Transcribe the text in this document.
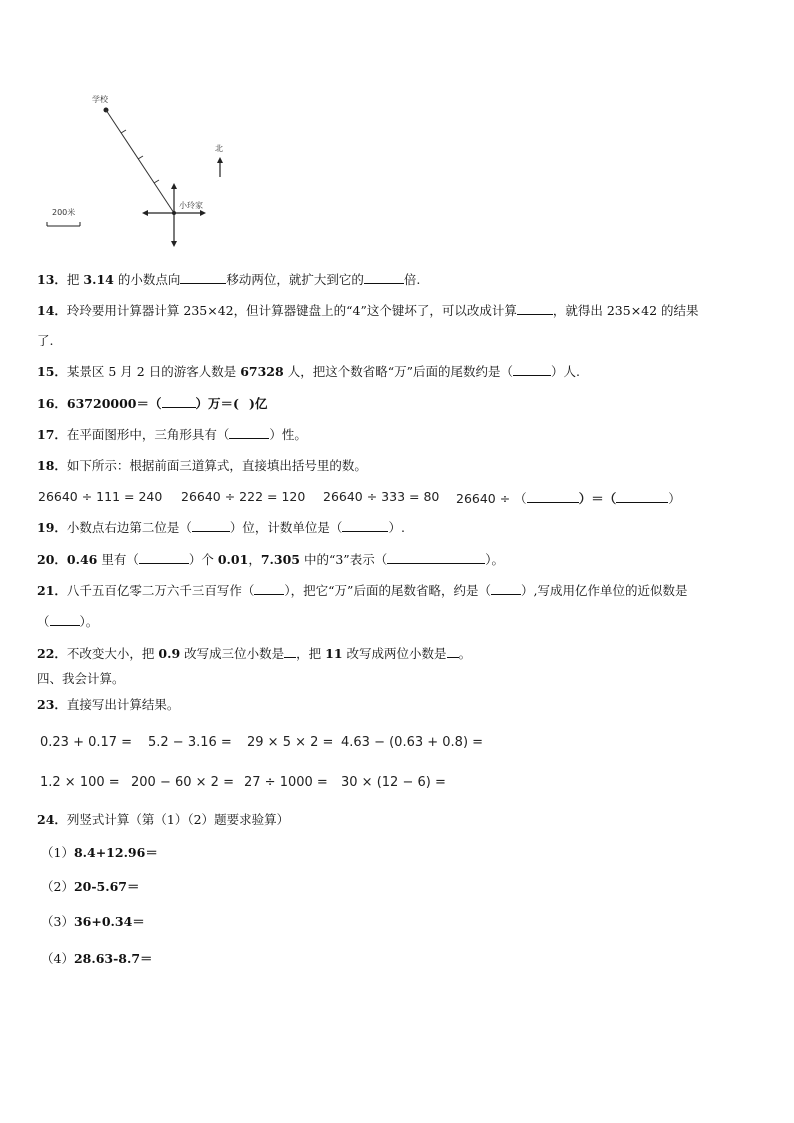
学校
小玲家
北
200米
13．把 3.14 的小数点向	移动两位，就扩大到它的	倍.
14．玲玲要用计算器计算 235×42，但计算器键盘上的“4”这个键坏了，可以改成计算	，就得出 235×42 的结果
了.
15．某景区 5 月 2 日的游客人数是 67328 人，把这个数省略“万”后面的尾数约是（	）人.
16．63720000＝（	）万＝( )亿
17．在平面图形中，三角形具有（	）性。
18．如下所示：根据前面三道算式，直接填出括号里的数。
26640 ÷ 111 = 240 26640 ÷ 222 = 120 26640 ÷ 333 = 80 26640 ÷ （	）＝（	）
19．小数点右边第二位是（	）位，计数单位是（	）.
20．0.46 里有（	）个 0.01，7.305 中的“3”表示（	）。
21．八千五百亿零二万六千三百写作（ ），把它“万”后面的尾数省略，约是（ ）,写成用亿作单位的近似数是
（ ）。
22．不改变大小，把 0.9 改写成三位小数是 ，把 11 改写成两位小数是 。
四、我会计算。
23．直接写出计算结果。
0.23 + 0.17 = 5.2 − 3.16 = 29 × 5 × 2 = 4.63 − (0.63 + 0.8) =
1.2 × 100 = 200 − 60 × 2 = 27 ÷ 1000 = 30 × (12 − 6) =
24．列竖式计算（第（1）（2）题要求验算）
（1）8.4+12.96＝
（2）20-5.67＝
（3）36+0.34＝
（4）28.63-8.7＝
